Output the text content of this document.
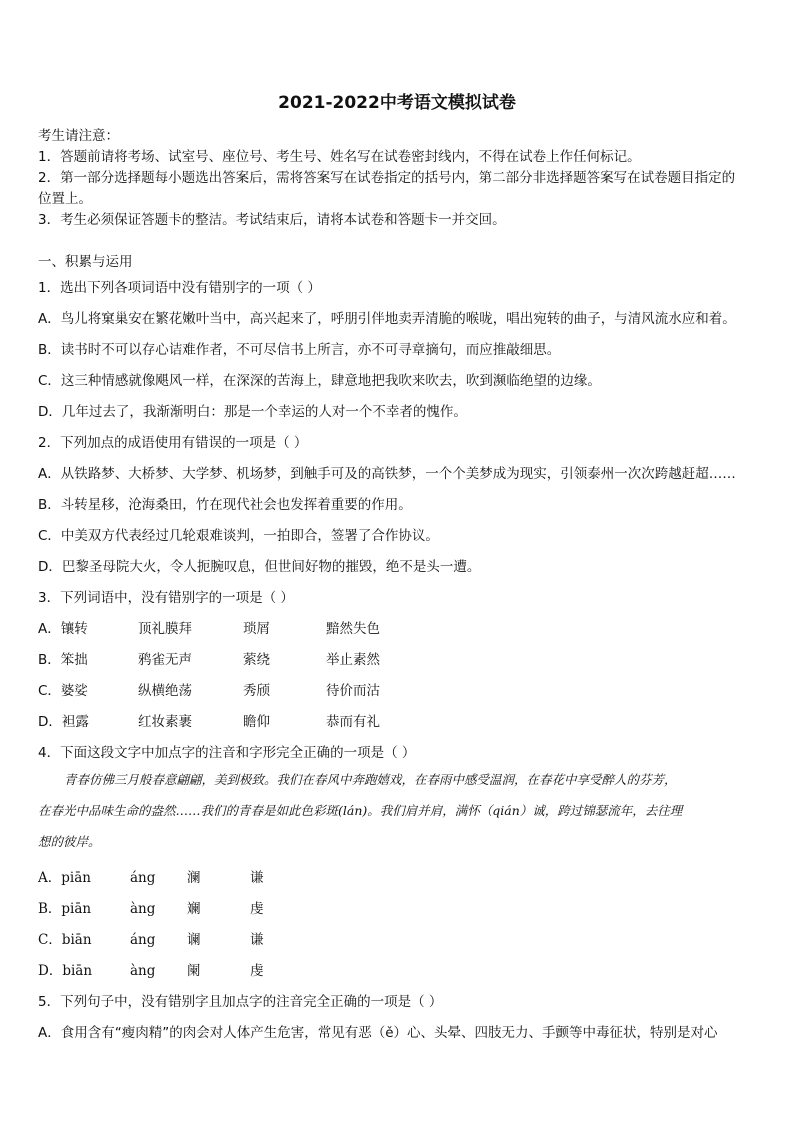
2021-2022中考语文模拟试卷
考生请注意：
1．答题前请将考场、试室号、座位号、考生号、姓名写在试卷密封线内，不得在试卷上作任何标记。
2．第一部分选择题每小题选出答案后，需将答案写在试卷指定的括号内，第二部分非选择题答案写在试卷题目指定的
位置上。
3．考生必须保证答题卡的整洁。考试结束后，请将本试卷和答题卡一并交回。
一、积累与运用
1．选出下列各项词语中没有错别字的一项（ ）
A．鸟儿将窠巢安在繁花嫩叶当中，高兴起来了，呼朋引伴地卖弄清脆的喉咙，唱出宛转的曲子，与清风流水应和着。
B．读书时不可以存心诘难作者，不可尽信书上所言，亦不可寻章摘句，而应推敲细思。
C．这三种情感就像飓风一样，在深深的苦海上，肆意地把我吹来吹去，吹到濒临绝望的边缘。
D．几年过去了，我渐渐明白：那是一个幸运的人对一个不幸者的愧作。
2．下列加点的成语使用有错误的一项是（ ）
A．从铁路梦、大桥梦、大学梦、机场梦，到触手可及的高铁梦，一个个美梦成为现实，引领泰州一次次跨越赶超……
B．斗转星移，沧海桑田，竹在现代社会也发挥着重要的作用。
C．中美双方代表经过几轮艰难谈判，一拍即合，签署了合作协议。
D．巴黎圣母院大火，令人扼腕叹息，但世间好物的摧毁，绝不是头一遭。
3．下列词语中，没有错别字的一项是（ ）
A．镶转	顶礼膜拜	琐屑	黯然失色
B．笨拙	鸦雀无声	萦绕	举止素然
C．婆娑	纵横绝荡	秀颀	待价而沽
D．袒露	红妆素裹	瞻仰	恭而有礼
4．下面这段文字中加点字的注音和字形完全正确的一项是（ ）
青春仿佛三月般春意翩翩，美到极致。我们在春风中奔跑嬉戏，在春雨中感受温润，在春花中享受醉人的芬芳，
在春光中品味生命的盎然……我们的青春是如此色彩斑(lán)。我们肩并肩，满怀（qián）诚，跨过锦瑟流年，去往理
想的彼岸。
A．piān	áng 澜	谦
B．piān	àng 斓	虔
C．biān	áng 谰	谦
D．biān	àng 阑	虔
5．下列句子中，没有错别字且加点字的注音完全正确的一项是（ ）
A．食用含有“瘦肉精”的肉会对人体产生危害，常见有恶（ě）心、头晕、四肢无力、手颤等中毒征状，特别是对心
